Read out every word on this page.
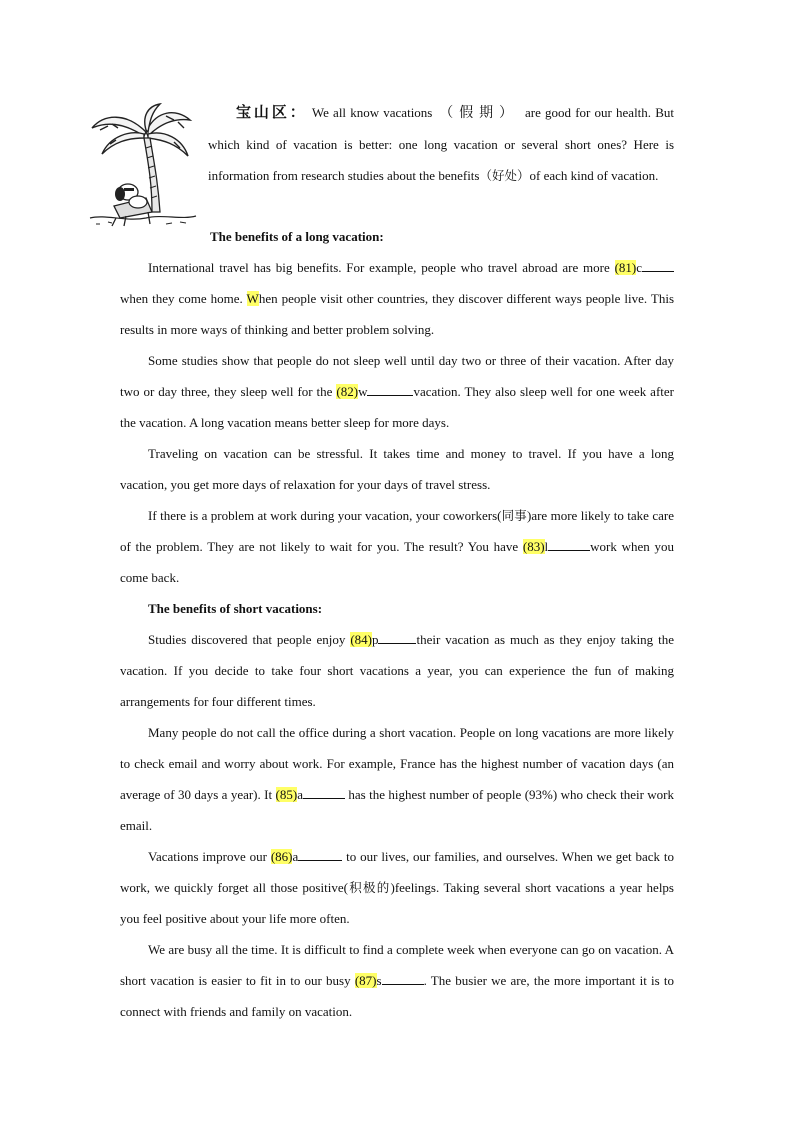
宝山区： We all know vacations （假期） are good for our health. But which kind of vacation is better: one long vacation or several short ones? Here is information from research studies about the benefits（好处）of each kind of vacation.

The benefits of a long vacation:

International travel has big benefits. For example, people who travel abroad are more (81)c when they come home. When people visit other countries, they discover different ways people live. This results in more ways of thinking and better problem solving.

Some studies show that people do not sleep well until day two or three of their vacation. After day two or day three, they sleep well for the (82)w	vacation. They also sleep well for one week after the vacation. A long vacation means better sleep for more days.

Traveling on vacation can be stressful. It takes time and money to travel. If you have a long vacation, you get more days of relaxation for your days of travel stress.

If there is a problem at work during your vacation, your coworkers(同事)are more likely to take care of the problem. They are not likely to wait for you. The result? You have (83)l	work when you come back.

The benefits of short vacations:

Studies discovered that people enjoy (84)p	their vacation as much as they enjoy taking the vacation. If you decide to take four short vacations a year, you can experience the fun of making arrangements for four different times.

Many people do not call the office during a short vacation. People on long vacations are more likely to check email and worry about work. For example, France has the highest number of vacation days (an average of 30 days a year). It (85)a	has the highest number of people (93%) who check their work email.

Vacations improve our (86)a	to our lives, our families, and ourselves. When we get back to work, we quickly forget all those positive(积极的)feelings. Taking several short vacations a year helps you feel positive about your life more often.

We are busy all the time. It is difficult to find a complete week when everyone can go on vacation. A short vacation is easier to fit in to our busy (87)s	. The busier we are, the more important it is to connect with friends and family on vacation.
